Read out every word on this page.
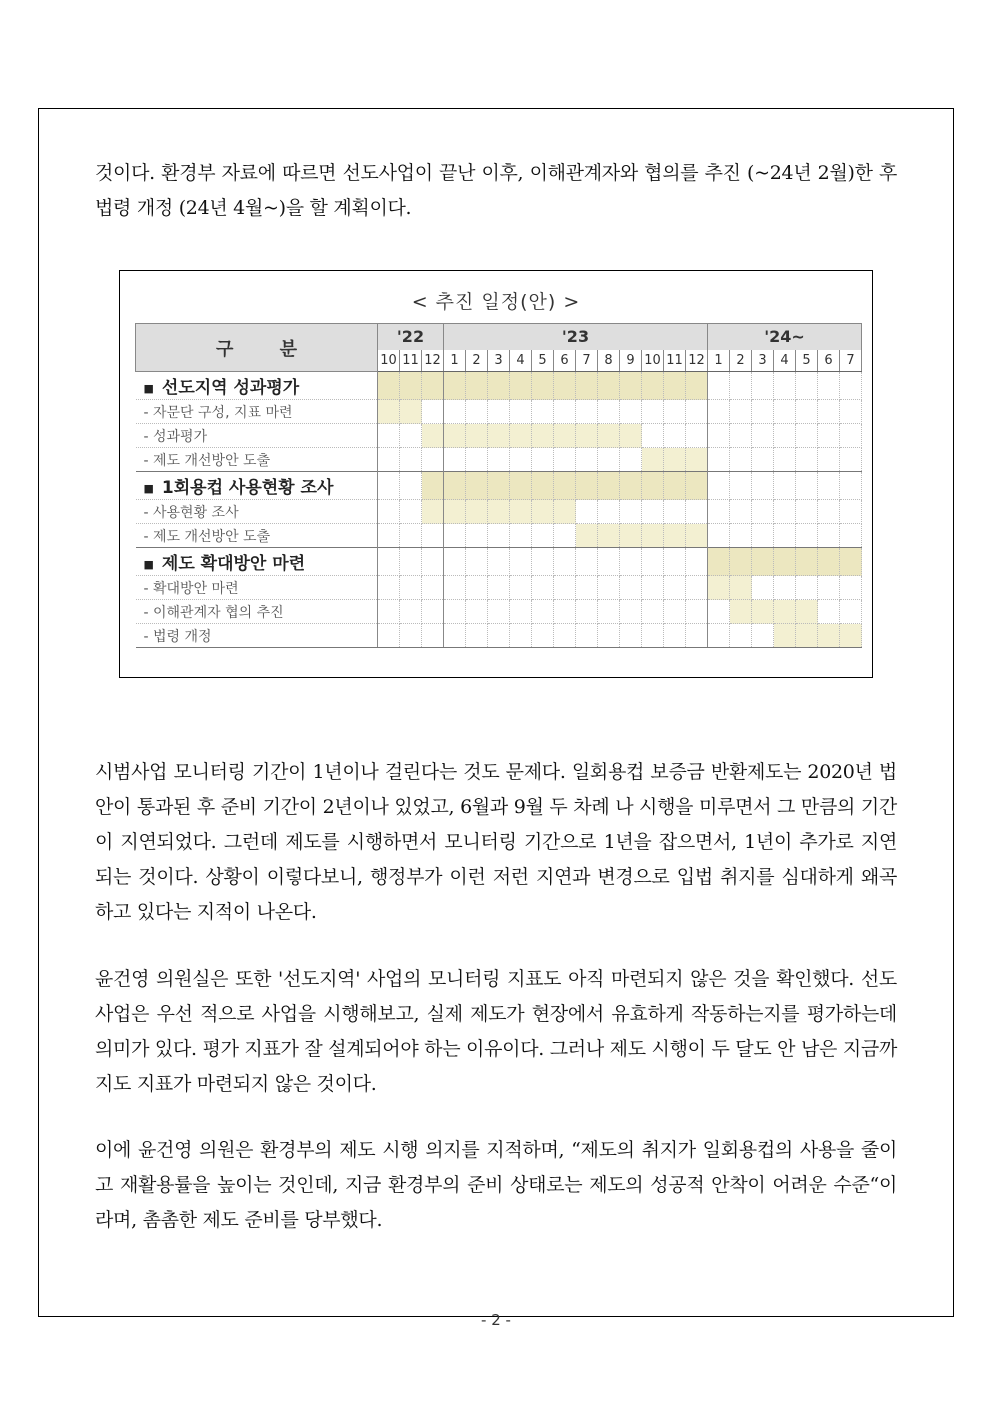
것이다. 환경부 자료에 따르면 선도사업이 끝난 이후, 이해관계자와 협의를 추진 (~24년 2월)한 후 법령 개정 (24년 4월~)을 할 계획이다.

< 추진 일정(안) >
구 분	'22			'23												'24~						
	10	11	12	1	2	3	4	5	6	7	8	9	10	11	12	1	2	3	4	5	6	7
■ 선도지역 성과평가																						
- 자문단 구성, 지표 마련																						
- 성과평가																						
- 제도 개선방안 도출																						
■ 1회용컵 사용현황 조사																						
- 사용현황 조사																						
- 제도 개선방안 도출																						
■ 제도 확대방안 마련																						
- 확대방안 마련																						
- 이해관계자 협의 추진																						
- 법령 개정																						

시범사업 모니터링 기간이 1년이나 걸린다는 것도 문제다. 일회용컵 보증금 반환제도는 2020년 법안이 통과된 후 준비 기간이 2년이나 있었고, 6월과 9월 두 차례 나 시행을 미루면서 그 만큼의 기간이 지연되었다. 그런데 제도를 시행하면서 모니터링 기간으로 1년을 잡으면서, 1년이 추가로 지연되는 것이다. 상황이 이렇다보니, 행정부가 이런 저런 지연과 변경으로 입법 취지를 심대하게 왜곡하고 있다는 지적이 나온다.

윤건영 의원실은 또한 '선도지역' 사업의 모니터링 지표도 아직 마련되지 않은 것을 확인했다. 선도사업은 우선 적으로 사업을 시행해보고, 실제 제도가 현장에서 유효하게 작동하는지를 평가하는데 의미가 있다. 평가 지표가 잘 설계되어야 하는 이유이다. 그러나 제도 시행이 두 달도 안 남은 지금까지도 지표가 마련되지 않은 것이다.

이에 윤건영 의원은 환경부의 제도 시행 의지를 지적하며, “제도의 취지가 일회용컵의 사용을 줄이고 재활용률을 높이는 것인데, 지금 환경부의 준비 상태로는 제도의 성공적 안착이 어려운 수준“이라며, 촘촘한 제도 준비를 당부했다.

- 2 -
